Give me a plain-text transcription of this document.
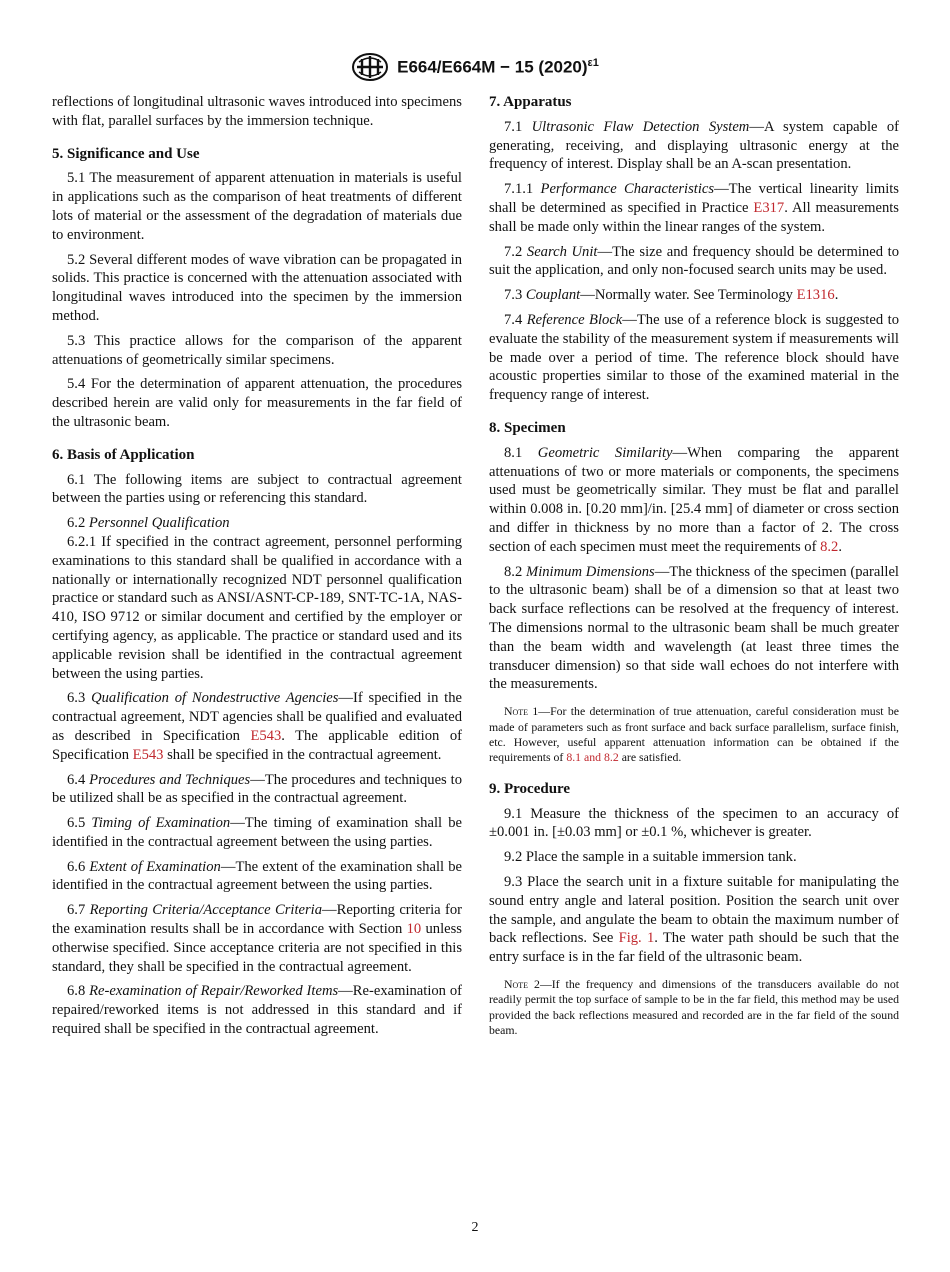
E664/E664M − 15 $(2020)^{\varepsilon 1}$

reflections of longitudinal ultrasonic waves introduced into specimens with flat, parallel surfaces by the immersion technique.

5. Significance and Use

5.1 The measurement of apparent attenuation in materials is useful in applications such as the comparison of heat treatments of different lots of material or the assessment of the degradation of materials due to environment.

5.2 Several different modes of wave vibration can be propagated in solids. This practice is concerned with the attenuation associated with longitudinal waves introduced into the specimen by the immersion method.

5.3 This practice allows for the comparison of the apparent attenuations of geometrically similar specimens.

5.4 For the determination of apparent attenuation, the procedures described herein are valid only for measurements in the far field of the ultrasonic beam.

6. Basis of Application

6.1 The following items are subject to contractual agreement between the parties using or referencing this standard.

6.2 Personnel Qualification

6.2.1 If specified in the contract agreement, personnel performing examinations to this standard shall be qualified in accordance with a nationally or internationally recognized NDT personnel qualification practice or standard such as ANSI/ASNT-CP-189, SNT-TC-1A, NAS-410, ISO 9712 or similar document and certified by the employer or certifying agency, as applicable. The practice or standard used and its applicable revision shall be identified in the contractual agreement between the using parties.

6.3 Qualification of Nondestructive Agencies—If specified in the contractual agreement, NDT agencies shall be qualified and evaluated as described in Specification E543. The applicable edition of Specification E543 shall be specified in the contractual agreement.

6.4 Procedures and Techniques—The procedures and techniques to be utilized shall be as specified in the contractual agreement.

6.5 Timing of Examination—The timing of examination shall be identified in the contractual agreement between the using parties.

6.6 Extent of Examination—The extent of the examination shall be identified in the contractual agreement between the using parties.

6.7 Reporting Criteria/Acceptance Criteria—Reporting criteria for the examination results shall be in accordance with Section 10 unless otherwise specified. Since acceptance criteria are not specified in this standard, they shall be specified in the contractual agreement.

6.8 Re-examination of Repair/Reworked Items—Re-examination of repaired/reworked items is not addressed in this standard and if required shall be specified in the contractual agreement.

7. Apparatus

7.1 Ultrasonic Flaw Detection System—A system capable of generating, receiving, and displaying ultrasonic energy at the frequency of interest. Display shall be an A-scan presentation.

7.1.1 Performance Characteristics—The vertical linearity limits shall be determined as specified in Practice E317. All measurements shall be made only within the linear ranges of the system.

7.2 Search Unit—The size and frequency should be determined to suit the application, and only non-focused search units may be used.

7.3 Couplant—Normally water. See Terminology E1316.

7.4 Reference Block—The use of a reference block is suggested to evaluate the stability of the measurement system if measurements will be made over a period of time. The reference block should have acoustic properties similar to those of the examined material in the frequency range of interest.

8. Specimen

8.1 Geometric Similarity—When comparing the apparent attenuations of two or more materials or components, the specimens used must be geometrically similar. They must be flat and parallel within 0.008 in. [0.20 mm]/in. [25.4 mm] of diameter or cross section and differ in thickness by no more than a factor of 2. The cross section of each specimen must meet the requirements of 8.2.

8.2 Minimum Dimensions—The thickness of the specimen (parallel to the ultrasonic beam) shall be of a dimension so that at least two back surface reflections can be resolved at the frequency of interest. The dimensions normal to the ultrasonic beam shall be much greater than the beam width and wavelength (at least three times the transducer dimension) so that side wall echoes do not interfere with the measurements.

Note 1—For the determination of true attenuation, careful consideration must be made of parameters such as front surface and back surface parallelism, surface finish, etc. However, useful apparent attenuation information can be obtained if the requirements of 8.1 and 8.2 are satisfied.

9. Procedure

9.1 Measure the thickness of the specimen to an accuracy of ±0.001 in. [±0.03 mm] or ±0.1 %, whichever is greater.

9.2 Place the sample in a suitable immersion tank.

9.3 Place the search unit in a fixture suitable for manipulating the sound entry angle and lateral position. Position the search unit over the sample, and angulate the beam to obtain the maximum number of back reflections. See Fig. 1. The water path should be such that the entry surface is in the far field of the ultrasonic beam.

Note 2—If the frequency and dimensions of the transducers available do not readily permit the top surface of sample to be in the far field, this method may be used provided the back reflections measured and recorded are in the far field of the sound beam.

2
